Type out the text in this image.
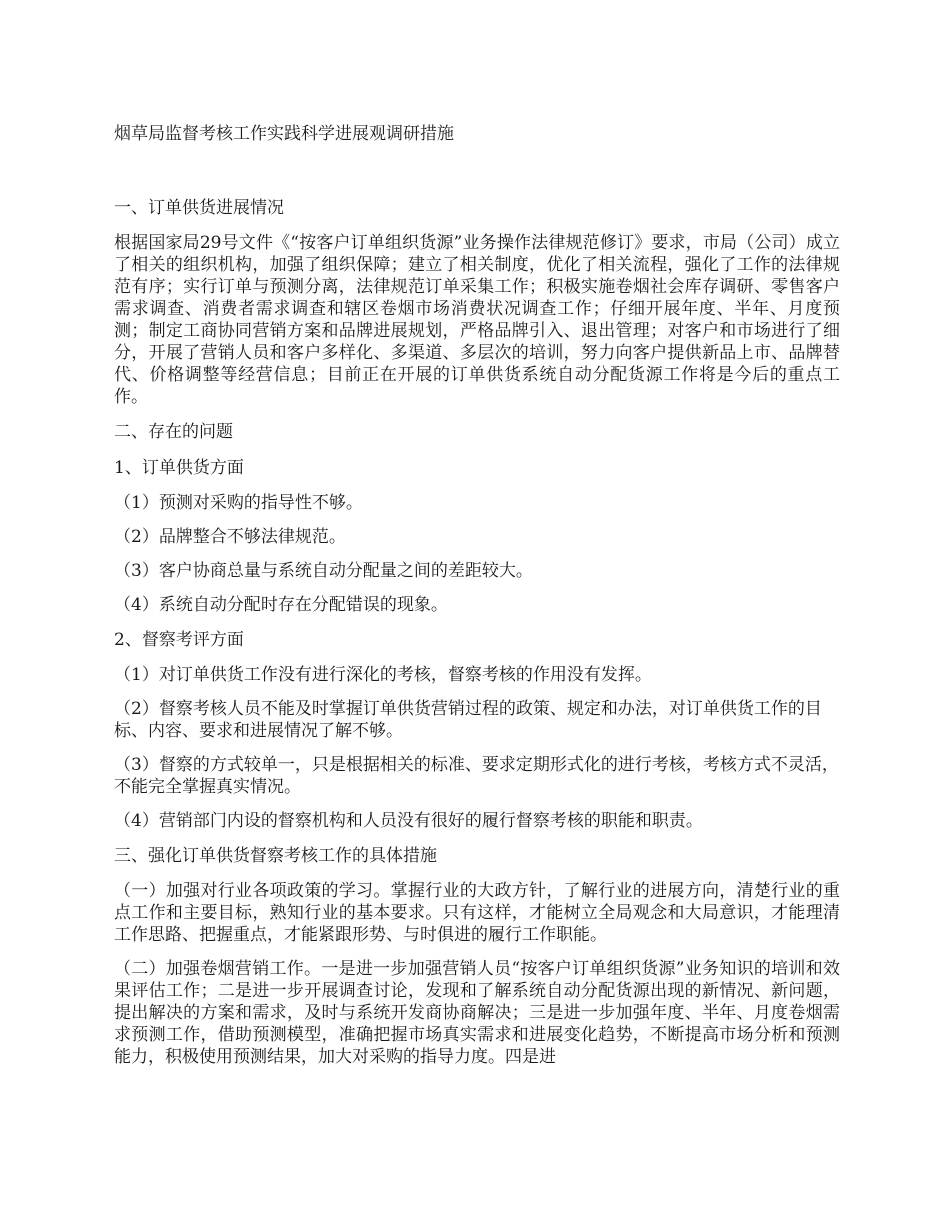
烟草局监督考核工作实践科学进展观调研措施
一、订单供货进展情况
根据国家局29号文件《“按客户订单组织货源”业务操作法律规范修订》要求，市局（公司）成立了相关的组织机构，加强了组织保障；建立了相关制度，优化了相关流程，强化了工作的法律规范有序；实行订单与预测分离，法律规范订单采集工作；积极实施卷烟社会库存调研、零售客户需求调查、消费者需求调查和辖区卷烟市场消费状况调查工作；仔细开展年度、半年、月度预测；制定工商协同营销方案和品牌进展规划，严格品牌引入、退出管理；对客户和市场进行了细分，开展了营销人员和客户多样化、多渠道、多层次的培训，努力向客户提供新品上市、品牌替代、价格调整等经营信息；目前正在开展的订单供货系统自动分配货源工作将是今后的重点工作。
二、存在的问题
1、订单供货方面
（1）预测对采购的指导性不够。
（2）品牌整合不够法律规范。
（3）客户协商总量与系统自动分配量之间的差距较大。
（4）系统自动分配时存在分配错误的现象。
2、督察考评方面
（1）对订单供货工作没有进行深化的考核，督察考核的作用没有发挥。
（2）督察考核人员不能及时掌握订单供货营销过程的政策、规定和办法，对订单供货工作的目标、内容、要求和进展情况了解不够。
（3）督察的方式较单一，只是根据相关的标准、要求定期形式化的进行考核，考核方式不灵活，不能完全掌握真实情况。
（4）营销部门内设的督察机构和人员没有很好的履行督察考核的职能和职责。
三、强化订单供货督察考核工作的具体措施
（一）加强对行业各项政策的学习。掌握行业的大政方针，了解行业的进展方向，清楚行业的重点工作和主要目标，熟知行业的基本要求。只有这样，才能树立全局观念和大局意识，才能理清工作思路、把握重点，才能紧跟形势、与时俱进的履行工作职能。
（二）加强卷烟营销工作。一是进一步加强营销人员“按客户订单组织货源”业务知识的培训和效果评估工作；二是进一步开展调查讨论，发现和了解系统自动分配货源出现的新情况、新问题，提出解决的方案和需求，及时与系统开发商协商解决；三是进一步加强年度、半年、月度卷烟需求预测工作，借助预测模型，准确把握市场真实需求和进展变化趋势，不断提高市场分析和预测能力，积极使用预测结果，加大对采购的指导力度。四是进
